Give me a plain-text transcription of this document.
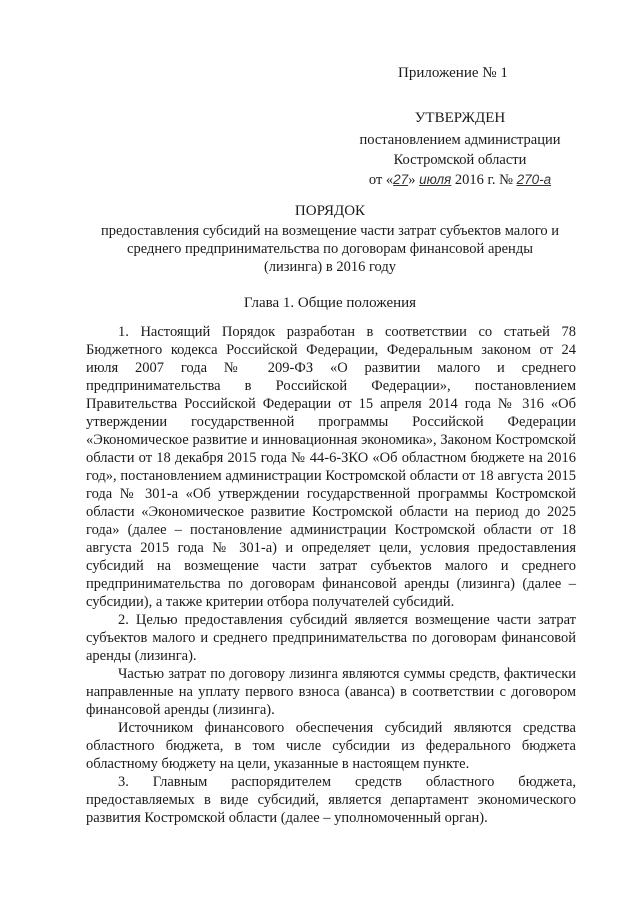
Приложение № 1
УТВЕРЖДЕН
постановлением администрации
Костромской области
от «27» июля 2016 г. № 270-а
ПОРЯДОК
предоставления субсидий на возмещение части затрат субъектов малого и среднего предпринимательства по договорам финансовой аренды (лизинга) в 2016 году
Глава 1. Общие положения

1. Настоящий Порядок разработан в соответствии со статьей 78 Бюджетного кодекса Российской Федерации, Федеральным законом от 24 июля 2007 года № 209-ФЗ «О развитии малого и среднего предпринимательства в Российской Федерации», постановлением Правительства Российской Федерации от 15 апреля 2014 года № 316 «Об утверждении государственной программы Российской Федерации «Экономическое развитие и инновационная экономика», Законом Костромской области от 18 декабря 2015 года № 44-6-ЗКО «Об областном бюджете на 2016 год», постановлением администрации Костромской области от 18 августа 2015 года № 301-а «Об утверждении государственной программы Костромской области «Экономическое развитие Костромской области на период до 2025 года» (далее – постановление администрации Костромской области от 18 августа 2015 года № 301-а) и определяет цели, условия предоставления субсидий на возмещение части затрат субъектов малого и среднего предпринимательства по договорам финансовой аренды (лизинга) (далее – субсидии), а также критерии отбора получателей субсидий.

2. Целью предоставления субсидий является возмещение части затрат субъектов малого и среднего предпринимательства по договорам финансовой аренды (лизинга).

Частью затрат по договору лизинга являются суммы средств, фактически направленные на уплату первого взноса (аванса) в соответствии с договором финансовой аренды (лизинга).

Источником финансового обеспечения субсидий являются средства областного бюджета, в том числе субсидии из федерального бюджета областному бюджету на цели, указанные в настоящем пункте.

3. Главным распорядителем средств областного бюджета, предоставляемых в виде субсидий, является департамент экономического развития Костромской области (далее – уполномоченный орган).
